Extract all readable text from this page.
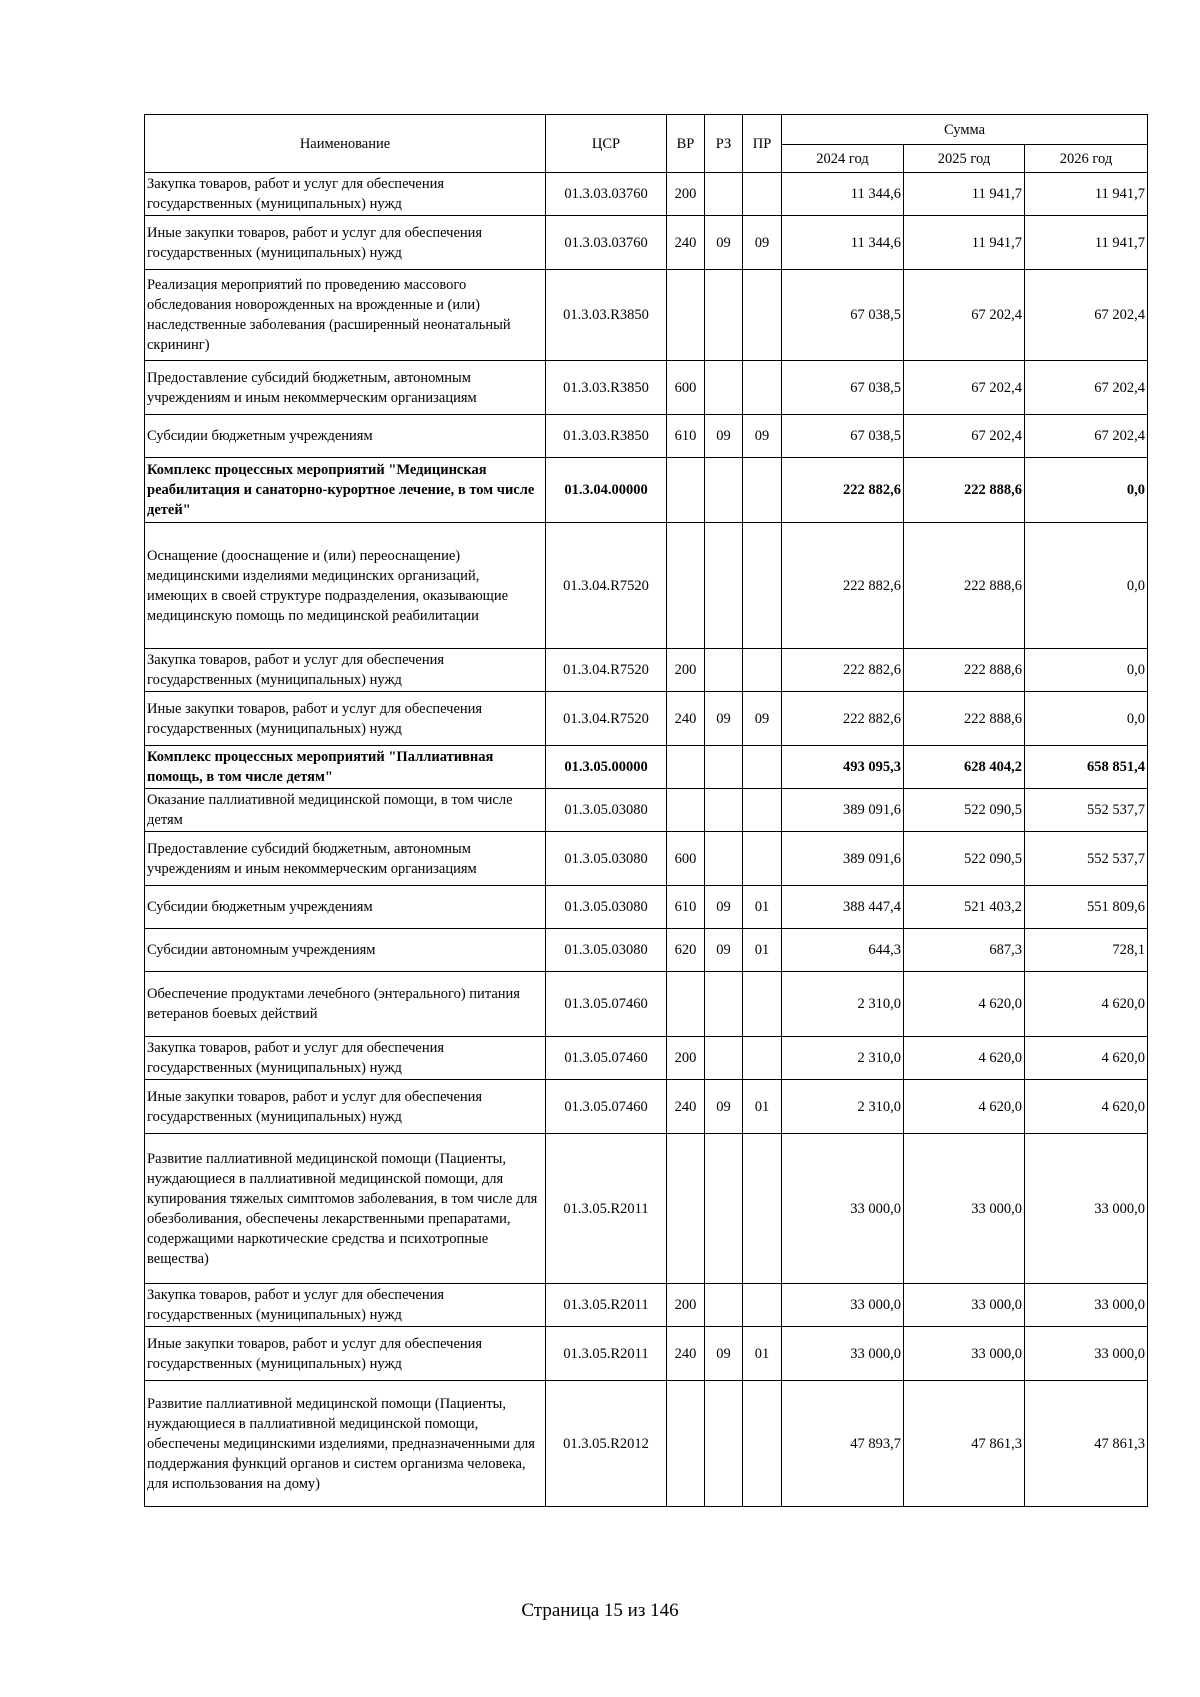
Наименование	ЦСР	ВР	РЗ	ПР	Сумма		
					2024 год	2025 год	2026 год
Закупка товаров, работ и услуг для обеспечения государственных (муниципальных) нужд	01.3.03.03760	200			11 344,6	11 941,7	11 941,7
Иные закупки товаров, работ и услуг для обеспечения государственных (муниципальных) нужд	01.3.03.03760	240	09	09	11 344,6	11 941,7	11 941,7
Реализация мероприятий по проведению массового обследования новорожденных на врожденные и (или) наследственные заболевания (расширенный неонатальный скрининг)	01.3.03.R3850				67 038,5	67 202,4	67 202,4
Предоставление субсидий бюджетным, автономным учреждениям и иным некоммерческим организациям	01.3.03.R3850	600			67 038,5	67 202,4	67 202,4
Субсидии бюджетным учреждениям	01.3.03.R3850	610	09	09	67 038,5	67 202,4	67 202,4
Комплекс процессных мероприятий "Медицинская реабилитация и санаторно-курортное лечение, в том числе детей"	01.3.04.00000				222 882,6	222 888,6	0,0
Оснащение (дооснащение и (или) переоснащение) медицинскими изделиями медицинских организаций, имеющих в своей структуре подразделения, оказывающие медицинскую помощь по медицинской реабилитации	01.3.04.R7520				222 882,6	222 888,6	0,0
Закупка товаров, работ и услуг для обеспечения государственных (муниципальных) нужд	01.3.04.R7520	200			222 882,6	222 888,6	0,0
Иные закупки товаров, работ и услуг для обеспечения государственных (муниципальных) нужд	01.3.04.R7520	240	09	09	222 882,6	222 888,6	0,0
Комплекс процессных мероприятий "Паллиативная помощь, в том числе детям"	01.3.05.00000				493 095,3	628 404,2	658 851,4
Оказание паллиативной медицинской помощи, в том числе детям	01.3.05.03080				389 091,6	522 090,5	552 537,7
Предоставление субсидий бюджетным, автономным учреждениям и иным некоммерческим организациям	01.3.05.03080	600			389 091,6	522 090,5	552 537,7
Субсидии бюджетным учреждениям	01.3.05.03080	610	09	01	388 447,4	521 403,2	551 809,6
Субсидии автономным учреждениям	01.3.05.03080	620	09	01	644,3	687,3	728,1
Обеспечение продуктами лечебного (энтерального) питания ветеранов боевых действий	01.3.05.07460				2 310,0	4 620,0	4 620,0
Закупка товаров, работ и услуг для обеспечения государственных (муниципальных) нужд	01.3.05.07460	200			2 310,0	4 620,0	4 620,0
Иные закупки товаров, работ и услуг для обеспечения государственных (муниципальных) нужд	01.3.05.07460	240	09	01	2 310,0	4 620,0	4 620,0
Развитие паллиативной медицинской помощи (Пациенты, нуждающиеся в паллиативной медицинской помощи, для купирования тяжелых симптомов заболевания, в том числе для обезболивания, обеспечены лекарственными препаратами, содержащими наркотические средства и психотропные вещества)	01.3.05.R2011				33 000,0	33 000,0	33 000,0
Закупка товаров, работ и услуг для обеспечения государственных (муниципальных) нужд	01.3.05.R2011	200			33 000,0	33 000,0	33 000,0
Иные закупки товаров, работ и услуг для обеспечения государственных (муниципальных) нужд	01.3.05.R2011	240	09	01	33 000,0	33 000,0	33 000,0
Развитие паллиативной медицинской помощи (Пациенты, нуждающиеся в паллиативной медицинской помощи, обеспечены медицинскими изделиями, предназначенными для поддержания функций органов и систем организма человека, для использования на дому)	01.3.05.R2012				47 893,7	47 861,3	47 861,3
Страница 15 из 146
